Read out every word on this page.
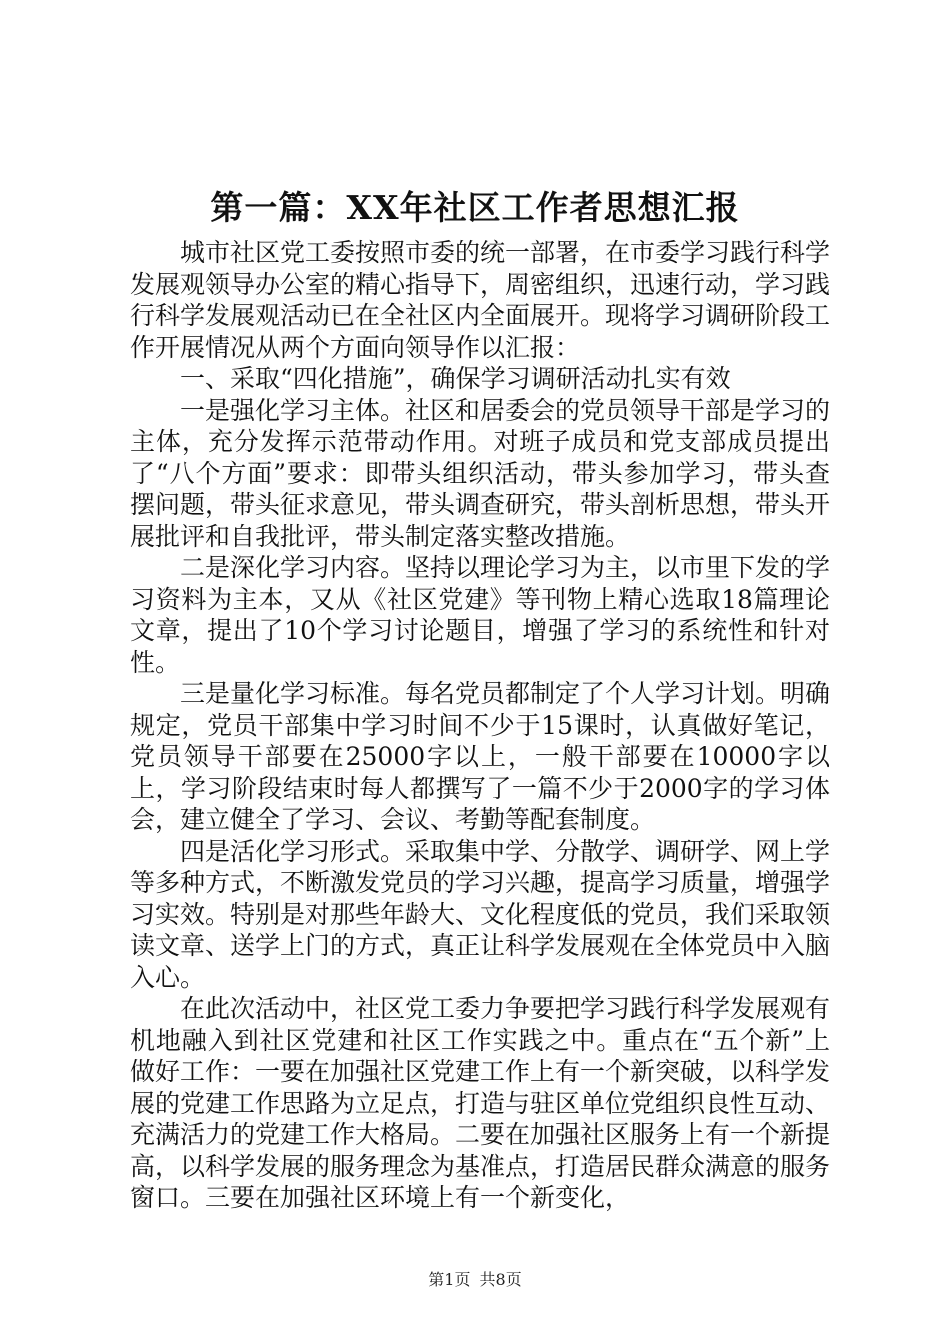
第一篇：XX年社区工作者思想汇报

城市社区党工委按照市委的统一部署，在市委学习践行科学发展观领导办公室的精心指导下，周密组织，迅速行动，学习践行科学发展观活动已在全社区内全面展开。现将学习调研阶段工作开展情况从两个方面向领导作以汇报：

一、采取“四化措施”，确保学习调研活动扎实有效

一是强化学习主体。社区和居委会的党员领导干部是学习的主体，充分发挥示范带动作用。对班子成员和党支部成员提出了“八个方面”要求：即带头组织活动，带头参加学习，带头查摆问题，带头征求意见，带头调查研究，带头剖析思想，带头开展批评和自我批评，带头制定落实整改措施。

二是深化学习内容。坚持以理论学习为主，以市里下发的学习资料为主本，又从《社区党建》等刊物上精心选取18篇理论文章，提出了10个学习讨论题目，增强了学习的系统性和针对性。

三是量化学习标准。每名党员都制定了个人学习计划。明确规定，党员干部集中学习时间不少于15课时，认真做好笔记，党员领导干部要在25000字以上，一般干部要在10000字以上，学习阶段结束时每人都撰写了一篇不少于2000字的学习体会，建立健全了学习、会议、考勤等配套制度。

四是活化学习形式。采取集中学、分散学、调研学、网上学等多种方式，不断激发党员的学习兴趣，提高学习质量，增强学习实效。特别是对那些年龄大、文化程度低的党员，我们采取领读文章、送学上门的方式，真正让科学发展观在全体党员中入脑入心。

在此次活动中，社区党工委力争要把学习践行科学发展观有机地融入到社区党建和社区工作实践之中。重点在“五个新”上做好工作：一要在加强社区党建工作上有一个新突破，以科学发展的党建工作思路为立足点，打造与驻区单位党组织良性互动、充满活力的党建工作大格局。二要在加强社区服务上有一个新提高，以科学发展的服务理念为基准点，打造居民群众满意的服务窗口。三要在加强社区环境上有一个新变化，

第1页 共8页
